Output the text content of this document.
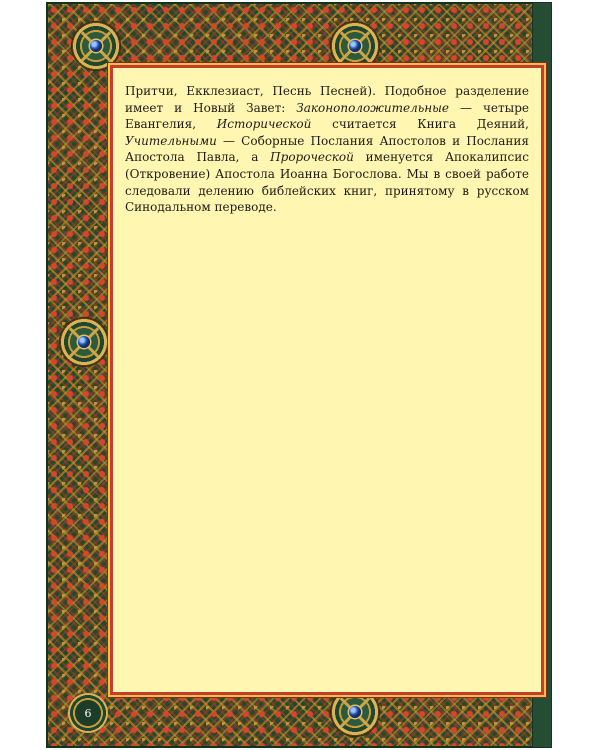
Притчи, Екклезиаст, Песнь Песней). Подобное разделение имеет и Новый Завет: Законоположительные — четыре Евангелия, Исторической считается Книга Деяний, Учительными — Соборные Послания Апостолов и Послания Апостола Павла, а Пророческой именуется Апокалипсис (Откровение) Апостола Иоанна Богослова. Мы в своей работе следовали делению библейских книг, принятому в русском Синодальном переводе.

6
